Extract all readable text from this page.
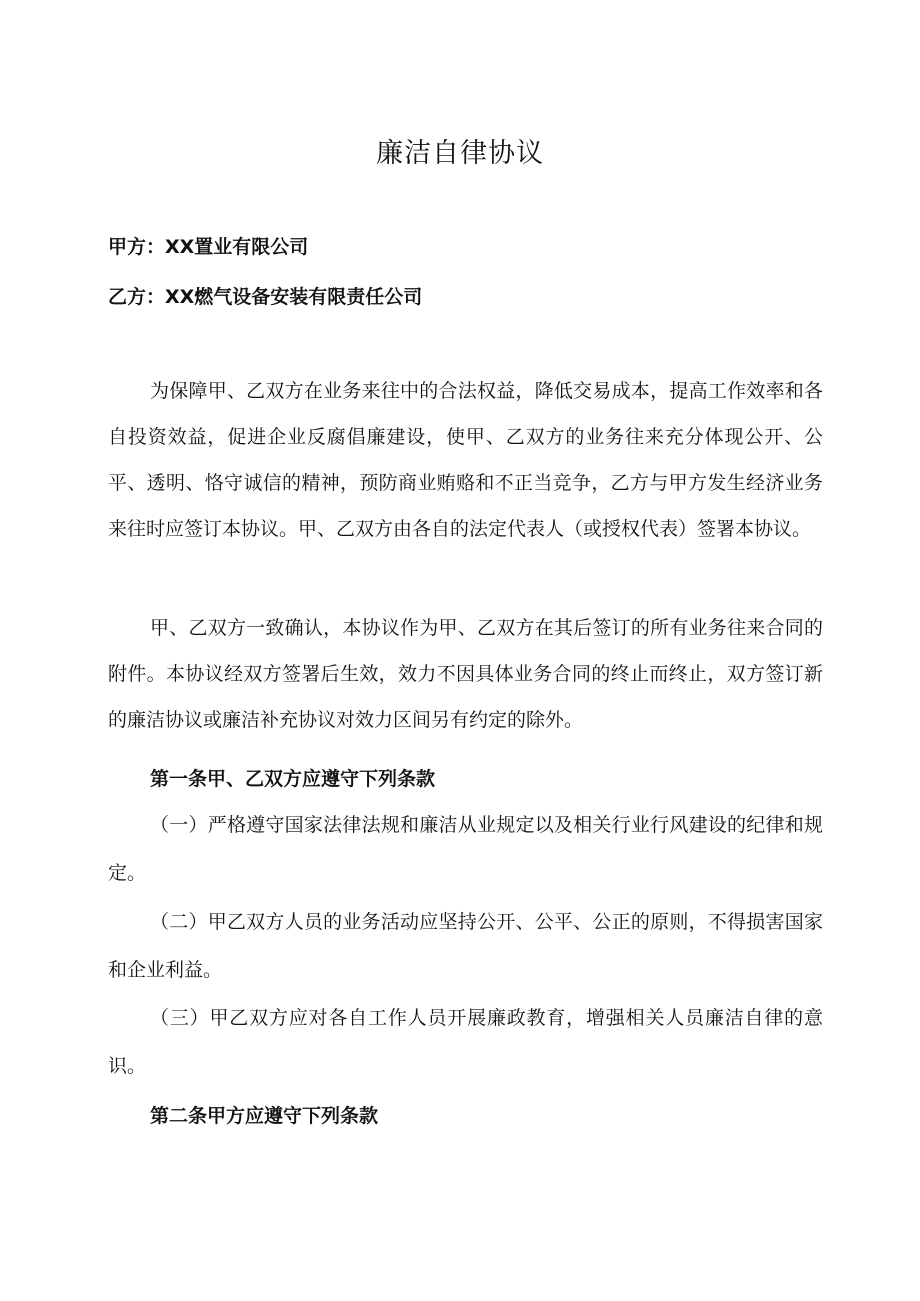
廉洁自律协议

甲方：XX置业有限公司

乙方：XX燃气设备安装有限责任公司

为保障甲、乙双方在业务来往中的合法权益，降低交易成本，提高工作效率和各自投资效益，促进企业反腐倡廉建设，使甲、乙双方的业务往来充分体现公开、公平、透明、恪守诚信的精神，预防商业贿赂和不正当竞争，乙方与甲方发生经济业务来往时应签订本协议。甲、乙双方由各自的法定代表人（或授权代表）签署本协议。

甲、乙双方一致确认，本协议作为甲、乙双方在其后签订的所有业务往来合同的附件。本协议经双方签署后生效，效力不因具体业务合同的终止而终止，双方签订新的廉洁协议或廉洁补充协议对效力区间另有约定的除外。

第一条甲、乙双方应遵守下列条款

（一）严格遵守国家法律法规和廉洁从业规定以及相关行业行风建设的纪律和规定。

（二）甲乙双方人员的业务活动应坚持公开、公平、公正的原则，不得损害国家和企业利益。

（三）甲乙双方应对各自工作人员开展廉政教育，增强相关人员廉洁自律的意识。

第二条甲方应遵守下列条款
